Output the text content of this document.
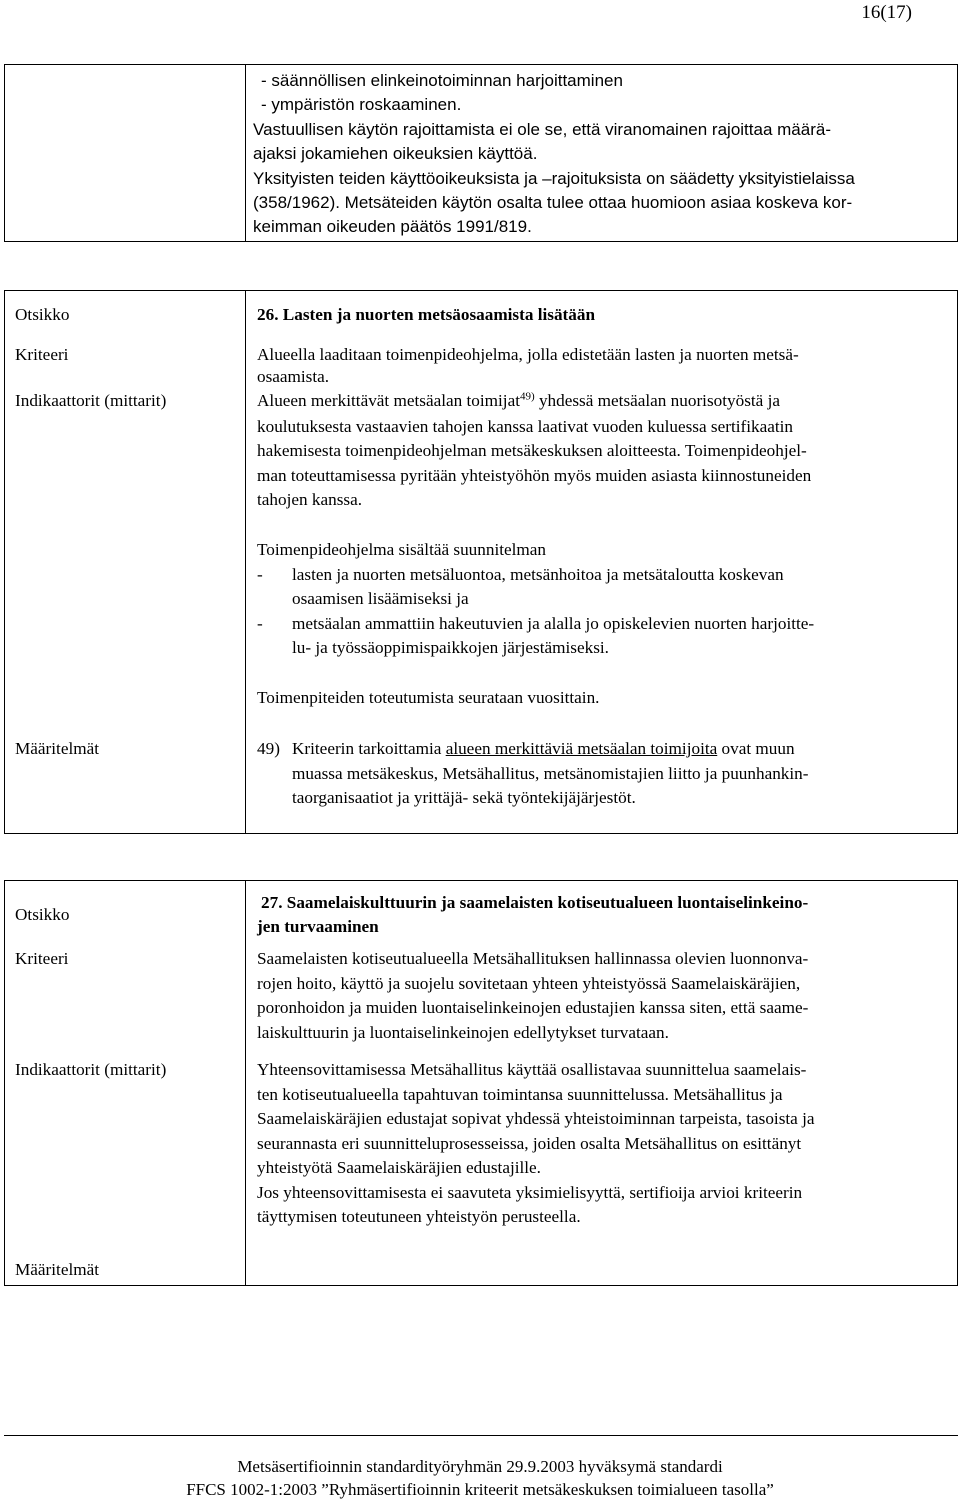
16(17)
- säännöllisen elinkeinotoiminnan harjoittaminen
- ympäristön roskaaminen.
Vastuullisen käytön rajoittamista ei ole se, että viranomainen rajoittaa määrä-
ajaksi jokamiehen oikeuksien käyttöä.
Yksityisten teiden käyttöoikeuksista ja –rajoituksista on säädetty yksityistielaissa
(358/1962). Metsäteiden käytön osalta tulee ottaa huomioon asiaa koskeva kor-
keimman oikeuden päätös 1991/819.
Otsikko
Kriteeri
Indikaattorit (mittarit)
Määritelmät
26. Lasten ja nuorten metsäosaamista lisätään
Alueella laaditaan toimenpideohjelma, jolla edistetään lasten ja nuorten metsä-
osaamista.
Alueen merkittävät metsäalan toimijat$^{49)}$ yhdessä metsäalan nuorisotyöstä ja
koulutuksesta vastaavien tahojen kanssa laativat vuoden kuluessa sertifikaatin
hakemisesta toimenpideohjelman metsäkeskuksen aloitteesta. Toimenpideohjel-
man toteuttamisessa pyritään yhteistyöhön myös muiden asiasta kiinnostuneiden
tahojen kanssa.
Toimenpideohjelma sisältää suunnitelman
- lasten ja nuorten metsäluontoa, metsänhoitoa ja metsätaloutta koskevan
osaamisen lisäämiseksi ja
- metsäalan ammattiin hakeutuvien ja alalla jo opiskelevien nuorten harjoitte-
lu- ja työssäoppimispaikkojen järjestämiseksi.
Toimenpiteiden toteutumista seurataan vuosittain.
49) Kriteerin tarkoittamia alueen merkittäviä metsäalan toimijoita ovat muun
muassa metsäkeskus, Metsähallitus, metsänomistajien liitto ja puunhankin-
taorganisaatiot ja yrittäjä- sekä työntekijäjärjestöt.
Otsikko
Kriteeri
Indikaattorit (mittarit)
Määritelmät
27. Saamelaiskulttuurin ja saamelaisten kotiseutualueen luontaiselinkeino-
jen turvaaminen
Saamelaisten kotiseutualueella Metsähallituksen hallinnassa olevien luonnonva-
rojen hoito, käyttö ja suojelu sovitetaan yhteen yhteistyössä Saamelaiskäräjien,
poronhoidon ja muiden luontaiselinkeinojen edustajien kanssa siten, että saame-
laiskulttuurin ja luontaiselinkeinojen edellytykset turvataan.
Yhteensovittamisessa Metsähallitus käyttää osallistavaa suunnittelua saamelais-
ten kotiseutualueella tapahtuvan toimintansa suunnittelussa. Metsähallitus ja
Saamelaiskäräjien edustajat sopivat yhdessä yhteistoiminnan tarpeista, tasoista ja
seurannasta eri suunnitteluprosesseissa, joiden osalta Metsähallitus on esittänyt
yhteistyötä Saamelaiskäräjien edustajille.
Jos yhteensovittamisesta ei saavuteta yksimielisyyttä, sertifioija arvioi kriteerin
täyttymisen toteutuneen yhteistyön perusteella.
Metsäsertifioinnin standardityöryhmän 29.9.2003 hyväksymä standardi
FFCS 1002-1:2003 ”Ryhmäsertifioinnin kriteerit metsäkeskuksen toimialueen tasolla”
